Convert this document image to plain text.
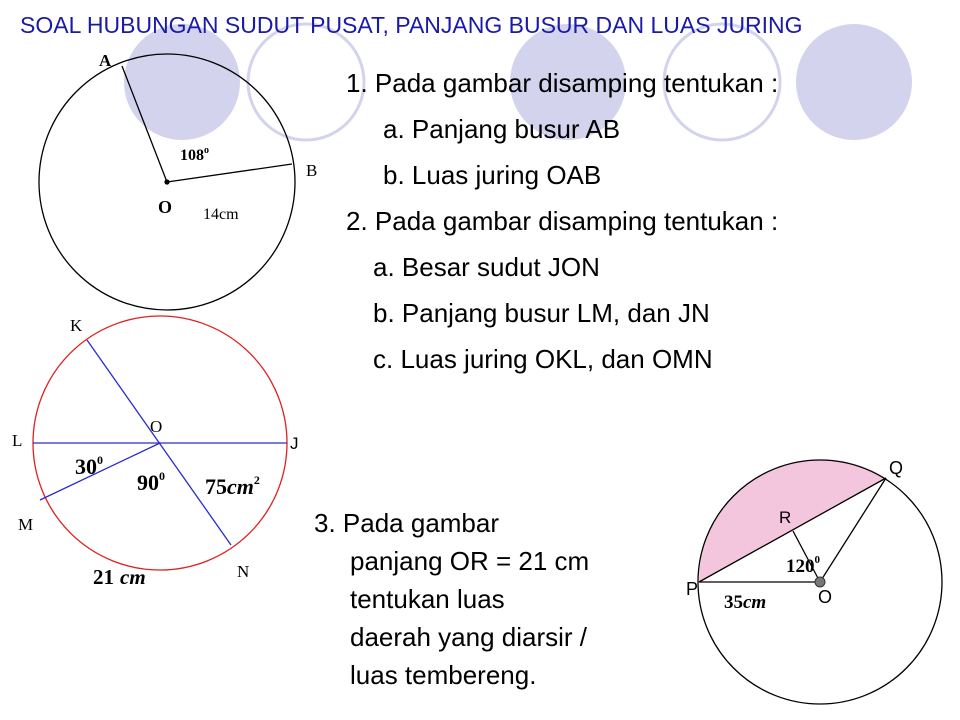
SOAL HUBUNGAN SUDUT PUSAT, PANJANG BUSUR DAN LUAS JURING
1. Pada gambar disamping tentukan :
a. Panjang busur AB
b. Luas juring OAB
2. Pada gambar disamping tentukan :
a. Besar sudut JON
b. Panjang busur LM, dan JN
c. Luas juring OKL, dan OMN
3. Pada gambar
panjang OR = 21 cm
tentukan luas
daerah yang diarsir /
luas tembereng.
A
B
O
108$^o$
14cm
K
L
M
N
O
J
$30^0$
$90^0$ $75cm^2$
21 cm
Q
R
P	O
$120^0$
35cm
